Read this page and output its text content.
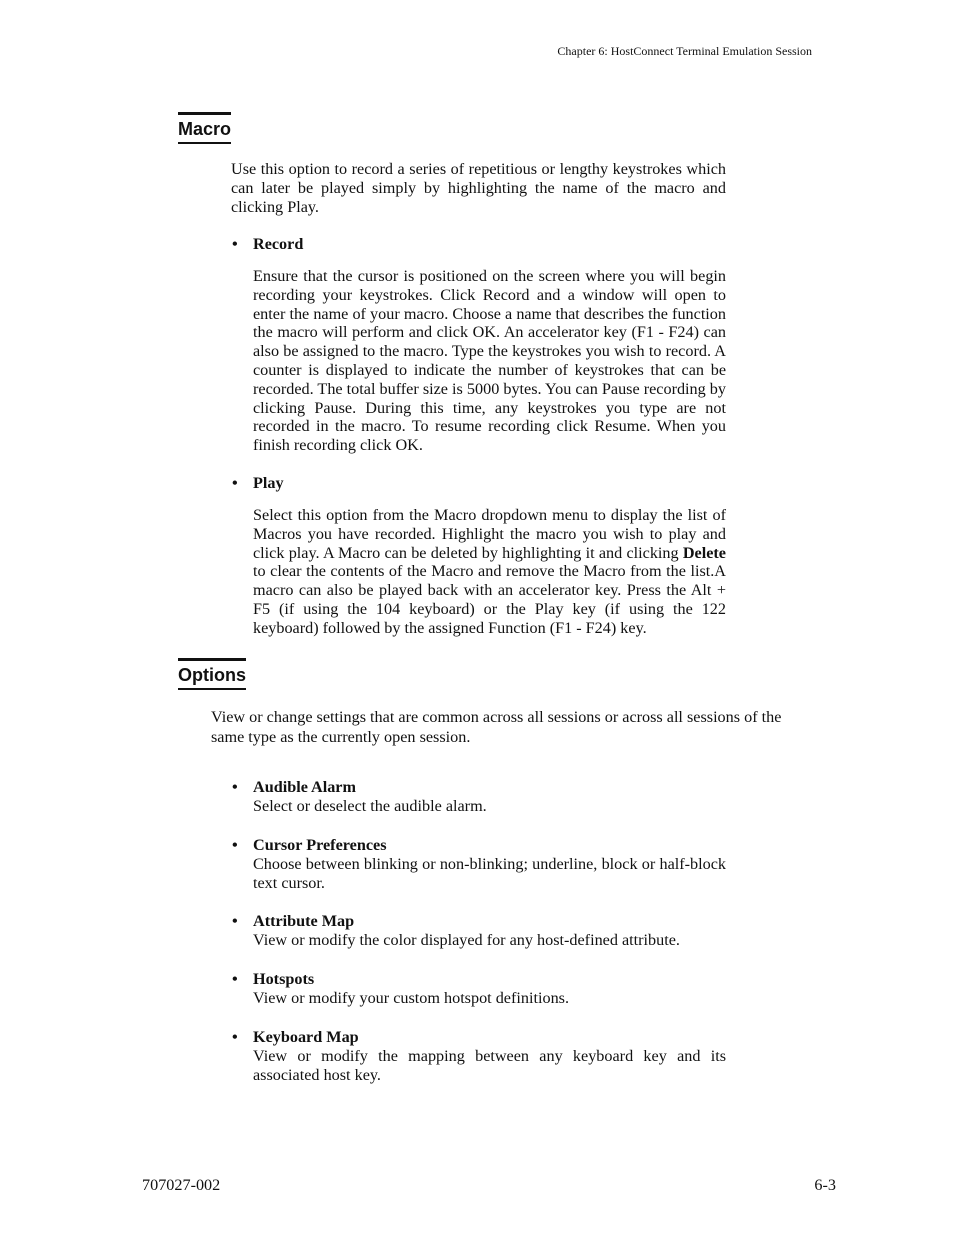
Chapter 6: HostConnect Terminal Emulation Session
Macro
Use this option to record a series of repetitious or lengthy keystrokes which can later be played simply by highlighting the name of the macro and clicking Play.
• Record
Ensure that the cursor is positioned on the screen where you will begin recording your keystrokes. Click Record and a window will open to enter the name of your macro. Choose a name that describes the function the macro will perform and click OK. An accelerator key (F1 - F24) can also be assigned to the macro. Type the keystrokes you wish to record. A counter is displayed to indicate the number of keystrokes that can be recorded. The total buffer size is 5000 bytes. You can Pause recording by clicking Pause. During this time, any keystrokes you type are not recorded in the macro. To resume recording click Resume. When you finish recording click OK.
• Play
Select this option from the Macro dropdown menu to display the list of Macros you have recorded. Highlight the macro you wish to play and click play. A Macro can be deleted by highlighting it and clicking Delete to clear the contents of the Macro and remove the Macro from the list.A macro can also be played back with an accelerator key. Press the Alt + F5 (if using the 104 keyboard) or the Play key (if using the 122 keyboard) followed by the assigned Function (F1 - F24) key.
Options
View or change settings that are common across all sessions or across all sessions of the same type as the currently open session.
• Audible Alarm
Select or deselect the audible alarm.
• Cursor Preferences
Choose between blinking or non-blinking; underline, block or half-block text cursor.
• Attribute Map
View or modify the color displayed for any host-defined attribute.
• Hotspots
View or modify your custom hotspot definitions.
• Keyboard Map
View or modify the mapping between any keyboard key and its associated host key.
707027-002	6-3
